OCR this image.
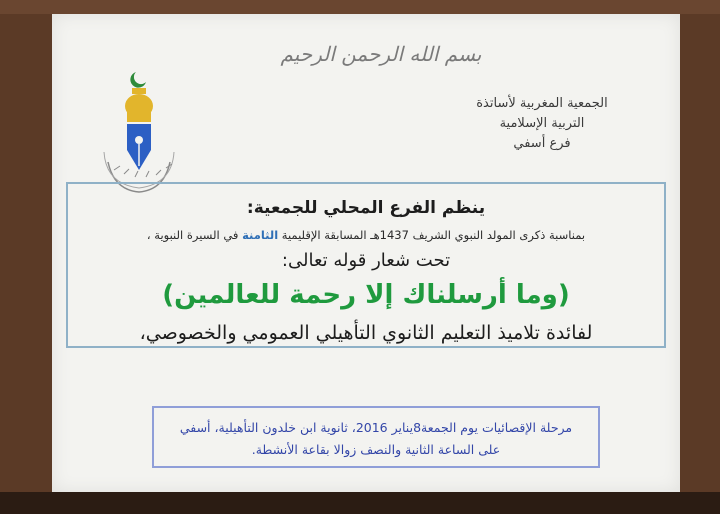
بسم الله الرحمن الرحيم
الجمعية المغربية لأساتذة
التربية الإسلامية
فرع أسفي
ينظم الفرع المحلي للجمعية:
بمناسبة ذكرى المولد النبوي الشريف 1437هـ المسابقة الإقليمية الثامنة في السيرة النبوية ،
تحت شعار قوله تعالى:
(وما أرسلناك إلا رحمة للعالمين)
لفائدة تلاميذ التعليم الثانوي التأهيلي العمومي والخصوصي،
مرحلة الإقصائيات يوم الجمعة8يناير 2016، ثانوية ابن خلدون التأهيلية، أسفي
على الساعة الثانية والنصف زوالا بقاعة الأنشطة.
